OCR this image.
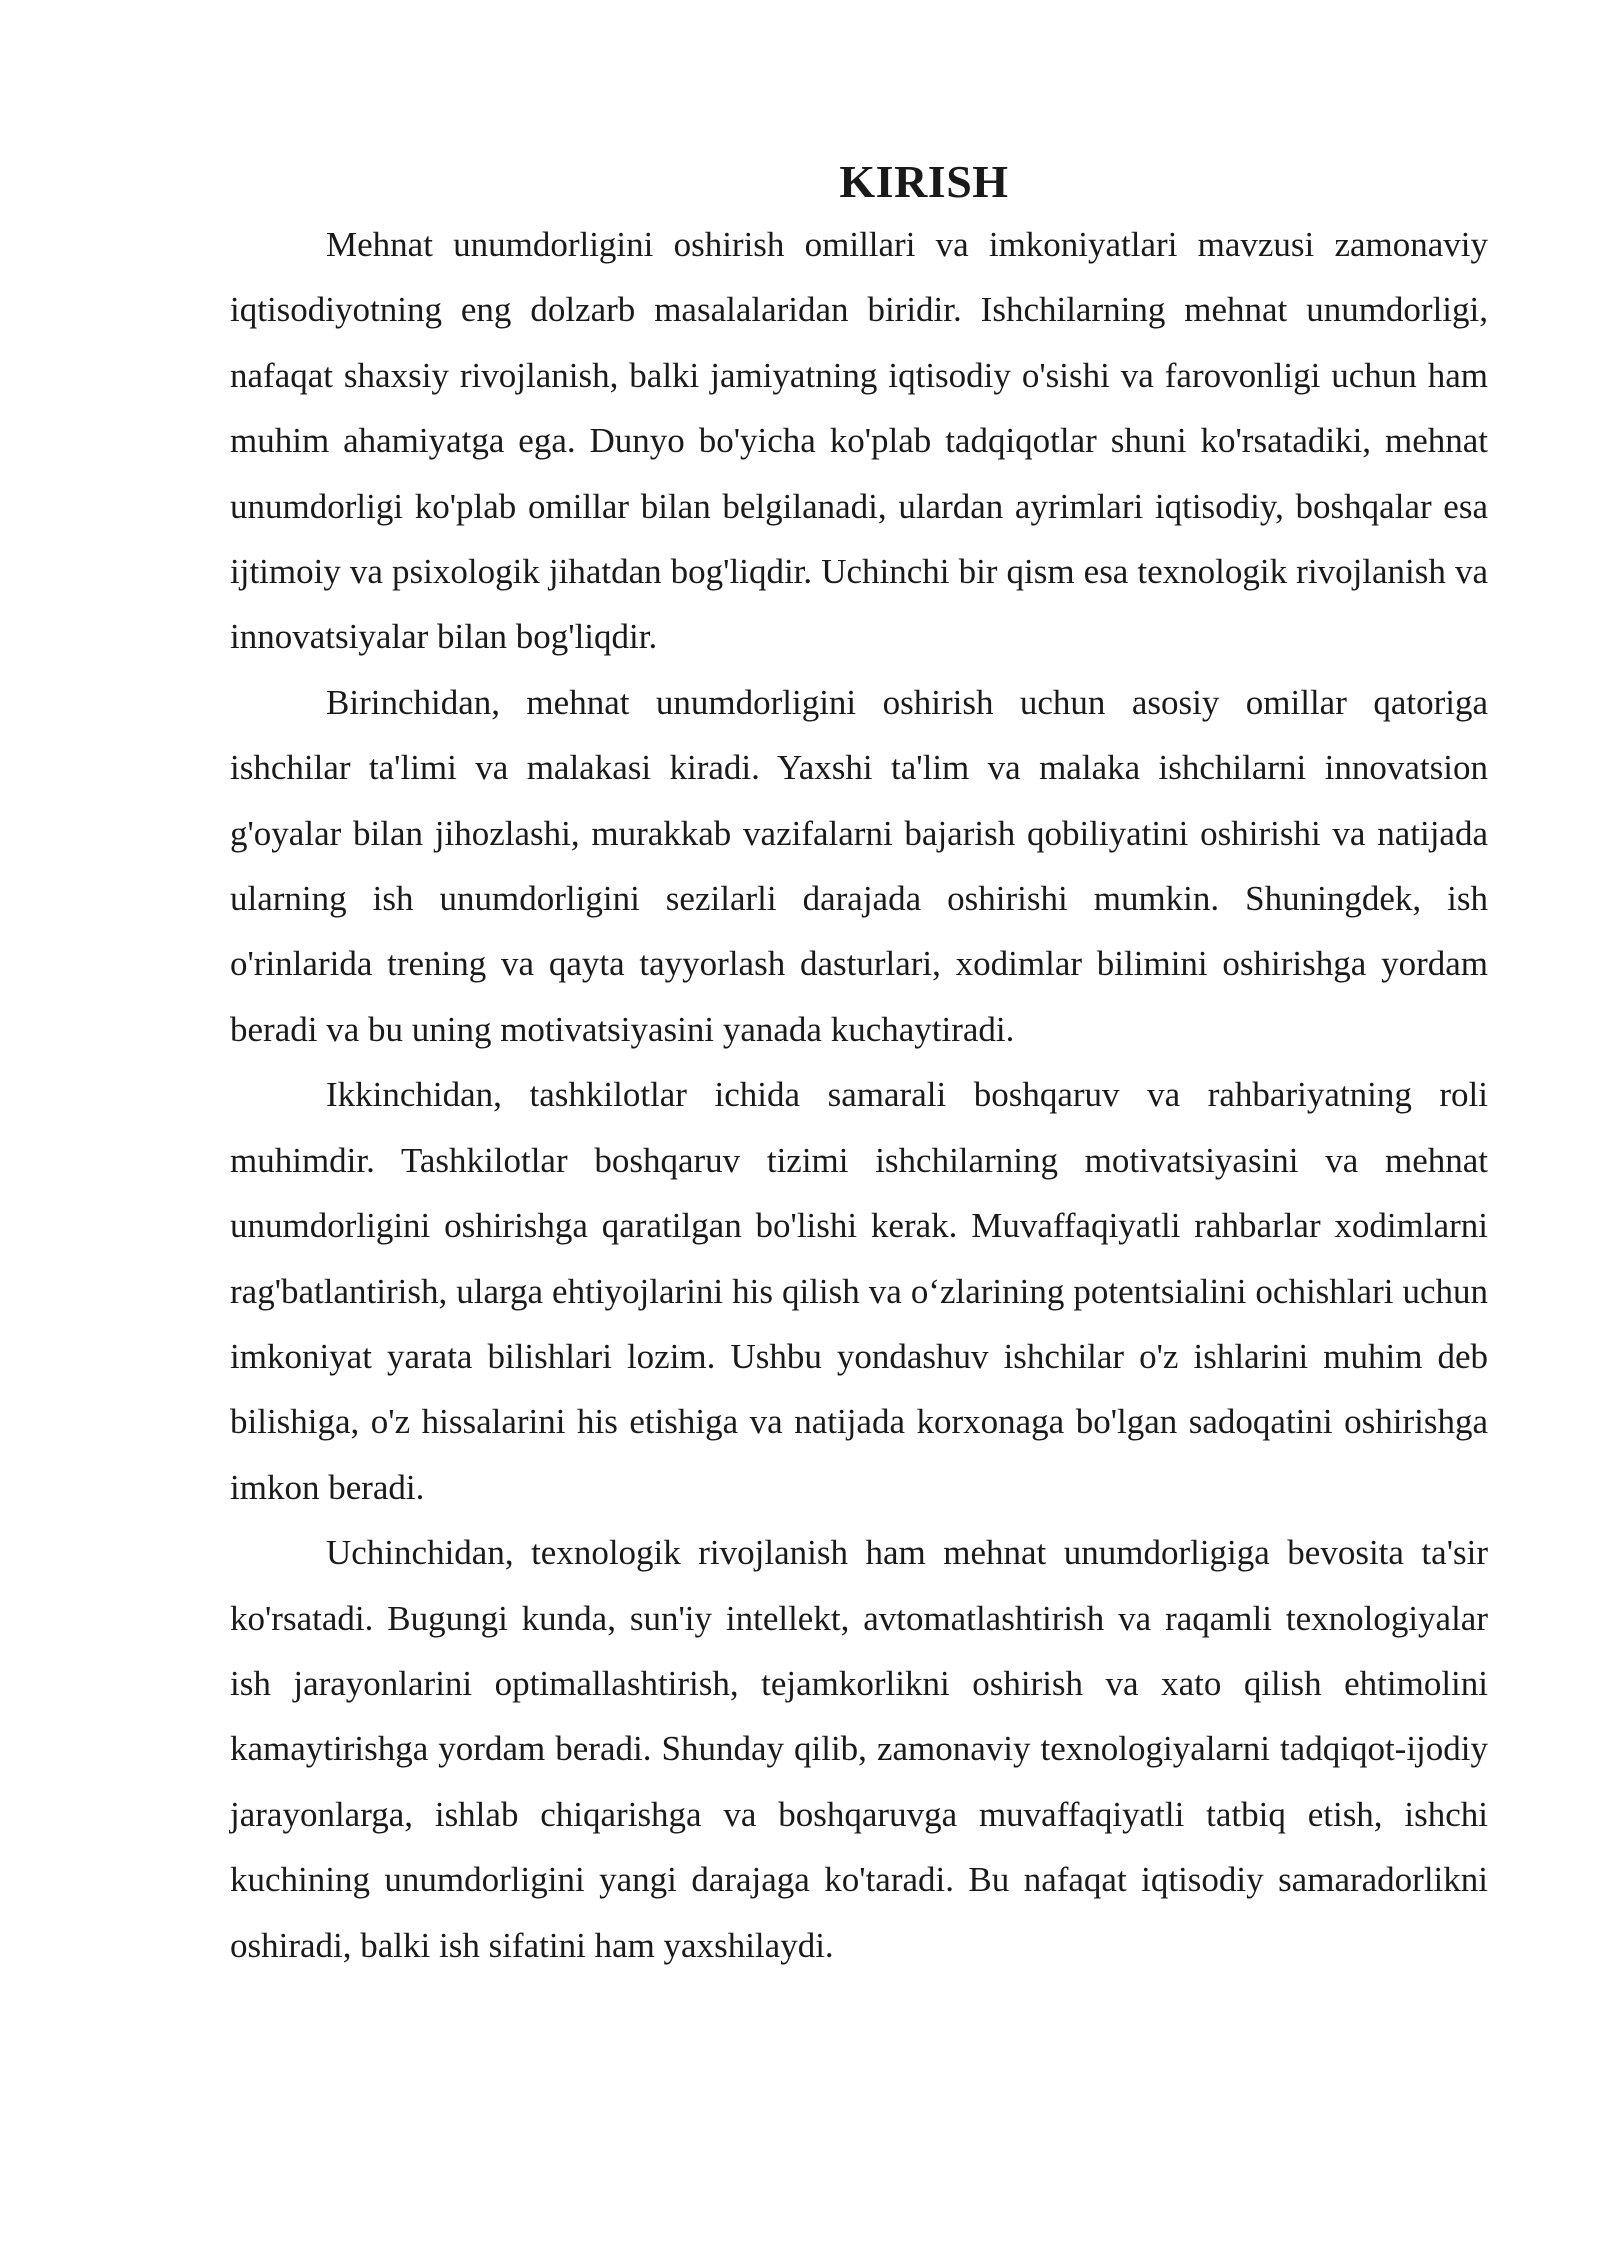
KIRISH

Mehnat unumdorligini oshirish omillari va imkoniyatlari mavzusi zamonaviy iqtisodiyotning eng dolzarb masalalaridan biridir. Ishchilarning mehnat unumdorligi, nafaqat shaxsiy rivojlanish, balki jamiyatning iqtisodiy o'sishi va farovonligi uchun ham muhim ahamiyatga ega. Dunyo bo'yicha ko'plab tadqiqotlar shuni ko'rsatadiki, mehnat unumdorligi ko'plab omillar bilan belgilanadi, ulardan ayrimlari iqtisodiy, boshqalar esa ijtimoiy va psixologik jihatdan bog'liqdir. Uchinchi bir qism esa texnologik rivojlanish va innovatsiyalar bilan bog'liqdir.

Birinchidan, mehnat unumdorligini oshirish uchun asosiy omillar qatoriga ishchilar ta'limi va malakasi kiradi. Yaxshi ta'lim va malaka ishchilarni innovatsion g'oyalar bilan jihozlashi, murakkab vazifalarni bajarish qobiliyatini oshirishi va natijada ularning ish unumdorligini sezilarli darajada oshirishi mumkin. Shuningdek, ish o'rinlarida trening va qayta tayyorlash dasturlari, xodimlar bilimini oshirishga yordam beradi va bu uning motivatsiyasini yanada kuchaytiradi.

Ikkinchidan, tashkilotlar ichida samarali boshqaruv va rahbariyatning roli muhimdir. Tashkilotlar boshqaruv tizimi ishchilarning motivatsiyasini va mehnat unumdorligini oshirishga qaratilgan bo'lishi kerak. Muvaffaqiyatli rahbarlar xodimlarni rag'batlantirish, ularga ehtiyojlarini his qilish va o‘zlarining potentsialini ochishlari uchun imkoniyat yarata bilishlari lozim. Ushbu yondashuv ishchilar o'z ishlarini muhim deb bilishiga, o'z hissalarini his etishiga va natijada korxonaga bo'lgan sadoqatini oshirishga imkon beradi.

Uchinchidan, texnologik rivojlanish ham mehnat unumdorligiga bevosita ta'sir ko'rsatadi. Bugungi kunda, sun'iy intellekt, avtomatlashtirish va raqamli texnologiyalar ish jarayonlarini optimallashtirish, tejamkorlikni oshirish va xato qilish ehtimolini kamaytirishga yordam beradi. Shunday qilib, zamonaviy texnologiyalarni tadqiqot-ijodiy jarayonlarga, ishlab chiqarishga va boshqaruvga muvaffaqiyatli tatbiq etish, ishchi kuchining unumdorligini yangi darajaga ko'taradi. Bu nafaqat iqtisodiy samaradorlikni oshiradi, balki ish sifatini ham yaxshilaydi.
